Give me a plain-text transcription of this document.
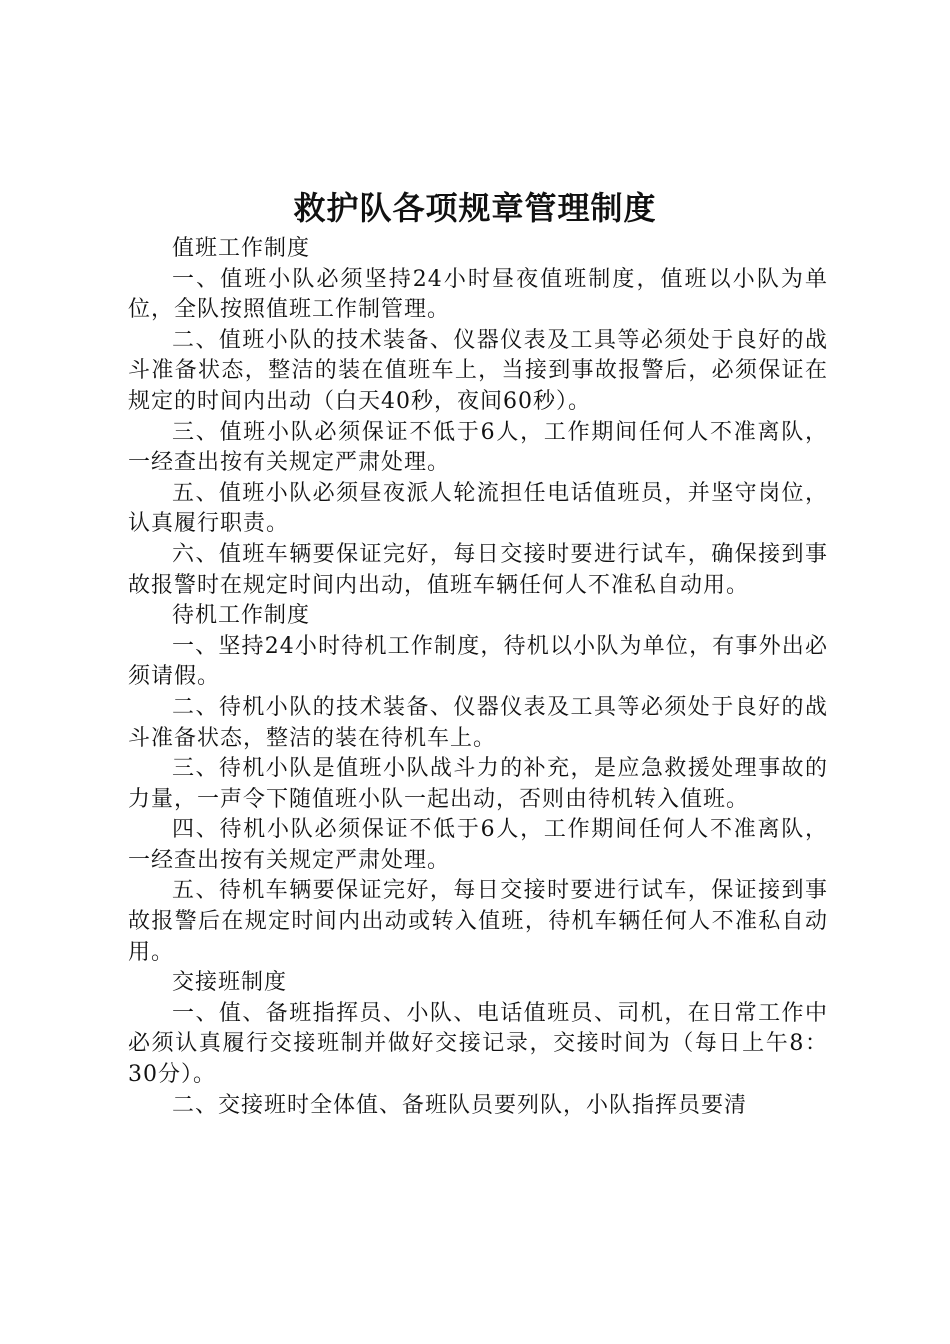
救护队各项规章管理制度

值班工作制度

一、值班小队必须坚持24小时昼夜值班制度，值班以小队为单位，全队按照值班工作制管理。

二、值班小队的技术装备、仪器仪表及工具等必须处于良好的战斗准备状态，整洁的装在值班车上，当接到事故报警后，必须保证在规定的时间内出动（白天40秒，夜间60秒）。

三、值班小队必须保证不低于6人，工作期间任何人不准离队，一经查出按有关规定严肃处理。

五、值班小队必须昼夜派人轮流担任电话值班员，并坚守岗位，认真履行职责。

六、值班车辆要保证完好，每日交接时要进行试车，确保接到事故报警时在规定时间内出动，值班车辆任何人不准私自动用。

待机工作制度

一、坚持24小时待机工作制度，待机以小队为单位，有事外出必须请假。

二、待机小队的技术装备、仪器仪表及工具等必须处于良好的战斗准备状态，整洁的装在待机车上。

三、待机小队是值班小队战斗力的补充，是应急救援处理事故的力量，一声令下随值班小队一起出动，否则由待机转入值班。

四、待机小队必须保证不低于6人，工作期间任何人不准离队，一经查出按有关规定严肃处理。

五、待机车辆要保证完好，每日交接时要进行试车，保证接到事故报警后在规定时间内出动或转入值班，待机车辆任何人不准私自动用。

交接班制度

一、值、备班指挥员、小队、电话值班员、司机，在日常工作中必须认真履行交接班制并做好交接记录，交接时间为（每日上午8：30分）。

二、交接班时全体值、备班队员要列队，小队指挥员要清
